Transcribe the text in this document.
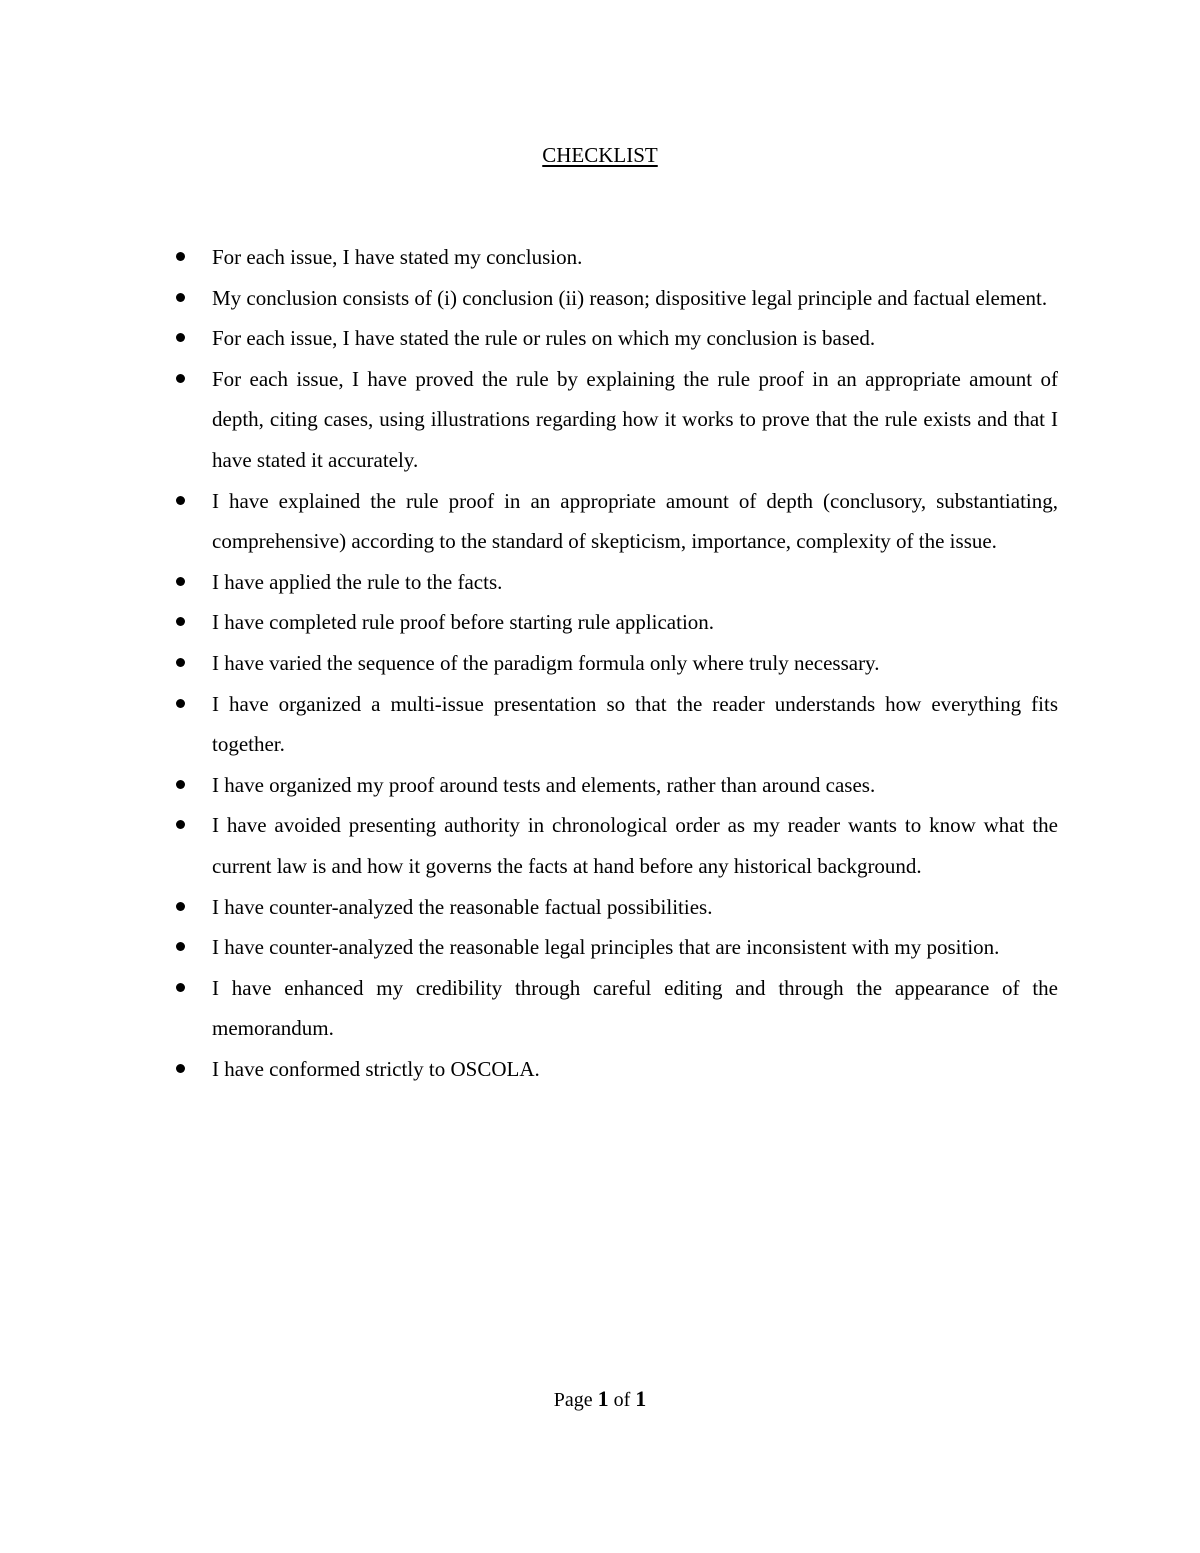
CHECKLIST
For each issue, I have stated my conclusion.
My conclusion consists of (i) conclusion (ii) reason; dispositive legal principle and factual element.
For each issue, I have stated the rule or rules on which my conclusion is based.
For each issue, I have proved the rule by explaining the rule proof in an appropriate amount of depth, citing cases, using illustrations regarding how it works to prove that the rule exists and that I have stated it accurately.
I have explained the rule proof in an appropriate amount of depth (conclusory, substantiating, comprehensive) according to the standard of skepticism, importance, complexity of the issue.
I have applied the rule to the facts.
I have completed rule proof before starting rule application.
I have varied the sequence of the paradigm formula only where truly necessary.
I have organized a multi-issue presentation so that the reader understands how everything fits together.
I have organized my proof around tests and elements, rather than around cases.
I have avoided presenting authority in chronological order as my reader wants to know what the current law is and how it governs the facts at hand before any historical background.
I have counter-analyzed the reasonable factual possibilities.
I have counter-analyzed the reasonable legal principles that are inconsistent with my position.
I have enhanced my credibility through careful editing and through the appearance of the memorandum.
I have conformed strictly to OSCOLA.
Page 1 of 1
